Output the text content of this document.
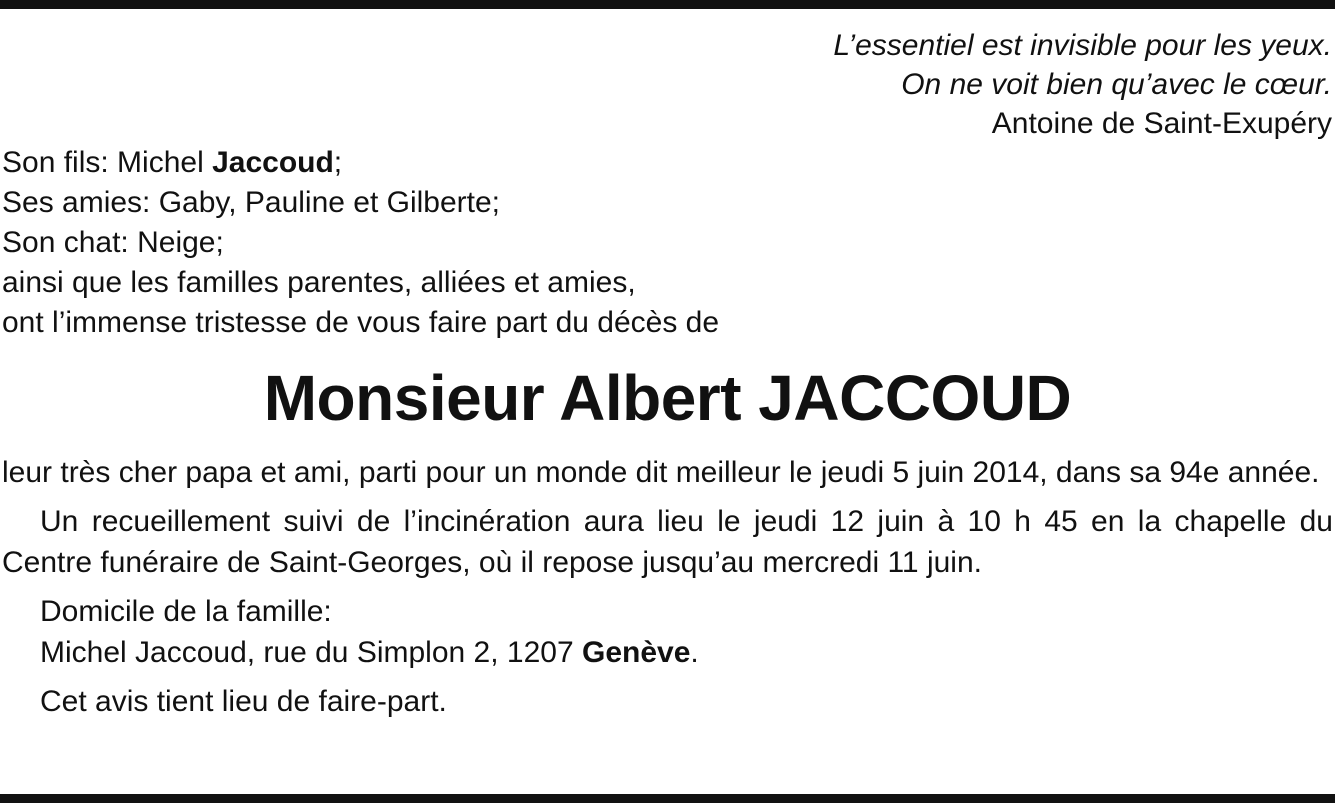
L’essentiel est invisible pour les yeux.
On ne voit bien qu’avec le cœur.
Antoine de Saint-Exupéry
Son fils: Michel Jaccoud;
Ses amies: Gaby, Pauline et Gilberte;
Son chat: Neige;
ainsi que les familles parentes, alliées et amies,
ont l’immense tristesse de vous faire part du décès de
Monsieur Albert JACCOUD

leur très cher papa et ami, parti pour un monde dit meilleur le jeudi 5 juin 2014, dans sa 94e année.

Un recueillement suivi de l’incinération aura lieu le jeudi 12 juin à 10 h 45 en la chapelle du Centre funéraire de Saint-Georges, où il repose jusqu’au mercredi 11 juin.

Domicile de la famille:
Michel Jaccoud, rue du Simplon 2, 1207 Genève.
Cet avis tient lieu de faire-part.
